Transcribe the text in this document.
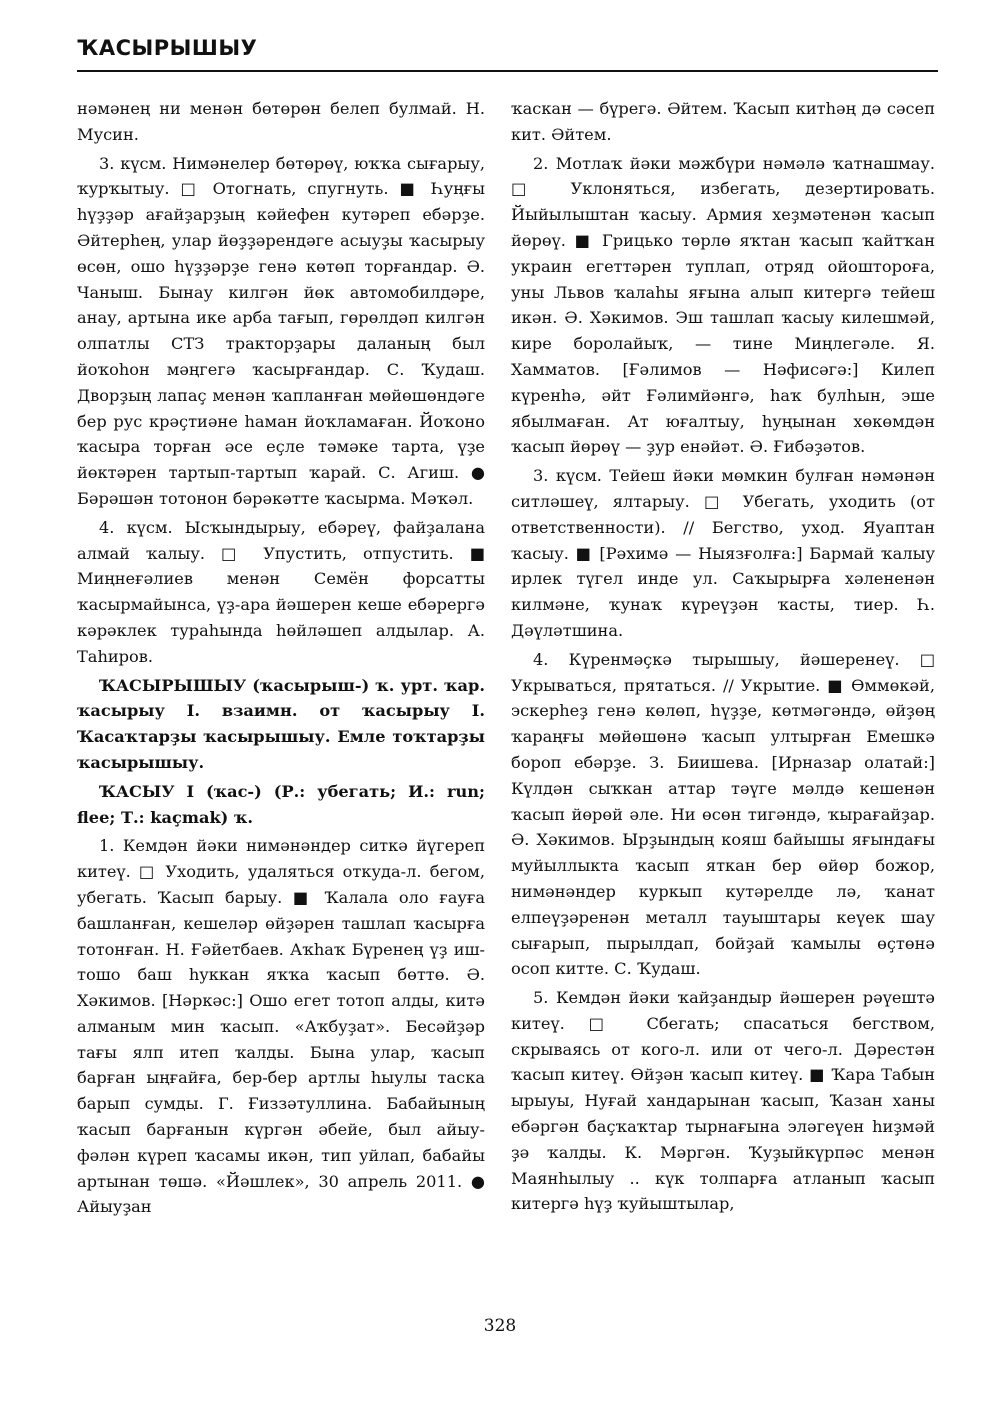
ҠАСЫРЫШЫУ

нәмәнең ни менән бөтөрөн белеп булмай. Н. Мусин.

3. күсм. Нимәнелер бөтөрөү, юҡҡа сығарыу, ҡурҡытыу. □ Отогнать, спугнуть. ■ Һуңғы һүҙҙәр ағайҙарҙың кәйефен кутәреп ебәрҙе. Әйтерһең, улар йөҙҙәрендәге асыуҙы ҡасырыу өсөн, ошо һүҙҙәрҙе генә көтөп торғандар. Ә. Чаныш. Бынау килгән йөк автомобилдәре, анау, артына ике арба тағып, гөрөлдәп килгән олпатлы СТЗ тракторҙары даланың был йоҡоһон мәңгегә ҡасырғандар. С. Ҡудаш. Дворҙың лапаҫ менән ҡапланған мөйөшөндәге бер рус крәҫтиәне һаман йоҡламаған. Йоҡоно ҡасыра торған әсе еҫле тәмәке тарта, үҙе йөктәрен тартып-тартып ҡарай. С. Агиш. ● Бәрәшән тотонон бәрәкәтте ҡасырма. Мәҡәл.

4. күсм. Ысҡындырыу, ебәреү, файҙалана алмай ҡалыу. □ Упустить, отпустить. ■ Миңнеғәлиев менән Семён форсатты ҡасырмайынса, үҙ-ара йәшерен кеше ебәрергә кәрәклек тураһында һөйләшеп алдылар. А. Таһиров.

ҠАСЫРЫШЫУ (ҡасырыш-) ҡ. урт. ҡар. ҡасырыу I. взаимн. от ҡасырыу I. Ҡасаҡтарҙы ҡасырышыу. Емле тоҡтарҙы ҡасырышыу.

ҠАСЫУ I (ҡас-) (Р.: убегать; И.: run; flee; Т.: kaçmak) ҡ.

1. Кемдән йәки нимәнәндер ситкә йүгереп китеү. □ Уходить, удаляться откуда-л. бегом, убегать. Ҡасып барыу. ■ Ҡалала оло ғауға башланған, кешеләр өйҙәрен ташлап ҡасырға тотонған. Н. Ғәйетбаев. Аҡһаҡ Бүренең үҙ иш-тошо баш һуккан яҡҡа ҡасып бөттө. Ә. Хәкимов. [Нәркәс:] Ошо егет тотоп алды, китә алманым мин ҡасып. «Аҡбуҙат». Бесәйҙәр тағы ялп итеп ҡалды. Бына улар, ҡасып барған ыңғайға, бер-бер артлы һыулы таска барып сумды. Г. Ғиззәтуллина. Бабайының ҡасып барғанын күргән әбейе, был айыу-фәлән күреп ҡасамы икән, тип уйлап, бабайы артынан төшә. «Йәшлек», 30 апрель 2011. ● Айыуҙан

ҡаскан — бүрегә. Әйтем. Ҡасып китһәң дә сәсеп кит. Әйтем.

2. Мотлаҡ йәки мәжбүри нәмәлә ҡатнашмау. □ Уклоняться, избегать, дезертировать. Йыйылыштан ҡасыу. Армия хеҙмәтенән ҡасып йөрөү. ■ Грицько төрлө яҡтан ҡасып ҡайтҡан украин егеттәрен туплап, отряд ойоштороға, уны Львов ҡалаһы яғына алып китергә тейеш икән. Ә. Хәкимов. Эш ташлап ҡасыу килешмәй, кире боролайыҡ, — тине Миңлегәле. Я. Хамматов. [Ғәлимов — Нәфисәгә:] Килеп күренһә, әйт Ғәлимйәнгә, һаҡ булһын, эше ябылмаған. Ат юғалтыу, һуңынан хөкөмдән ҡасып йөрөү — ҙур енәйәт. Ә. Ғибәҙәтов.

3. күсм. Тейеш йәки мөмкин булған нәмәнән ситләшеү, ялтарыу. □ Убегать, уходить (от ответственности). // Бегство, уход. Яуаптан ҡасыу. ■ [Рәхимә — Ныязғолға:] Бармай ҡалыу ирлек түгел инде ул. Саҡырырға хәлененән килмәне, ҡунаҡ күреүҙән ҡасты, тиер. Һ. Дәүләтшина.

4. Күренмәҫкә тырышыу, йәшеренеү. □ Укрываться, прятаться. // Укрытие. ■ Өммөкәй, эскерһеҙ генә көлөп, һүҙҙе, көтмәгәндә, өйҙөң ҡараңғы мөйөшөнә ҡасып ултырған Емешкә бороп ебәрҙе. З. Биишева. [Ирназар олатай:] Күлдән сыҡкан аттар тәүге мәлдә кешенән ҡасып йөрөй әле. Ни өсөн тигәндә, ҡырағайҙар. Ә. Хәкимов. Ырҙындың кояш байышы яғындағы муйыллыкта ҡасып яткан бер өйөр божор, нимәнәндер куркып кутәрелде лә, ҡанат елпеүҙәренән металл тауыштары кеүек шау сығарып, пырылдап, бойҙай ҡамылы өҫтөнә осоп китте. С. Ҡудаш.

5. Кемдән йәки ҡайҙандыр йәшерен рәүештә китеү. □ Сбегать; спасаться бегством, скрываясь от кого-л. или от чего-л. Дәрестән ҡасып китеү. Өйҙән ҡасып китеү. ■ Ҡара Табын ырыуы, Нуғай хандарынан ҡасып, Ҡазан ханы ебәргән баҫҡаҡтар тырнағына эләгеүен һиҙмәй ҙә ҡалды. К. Мәргән. Ҡуҙыйкүрпәс менән Маянһылыу .. күк толпарға атланып ҡасып китергә һүҙ ҡуйыштылар,

328
